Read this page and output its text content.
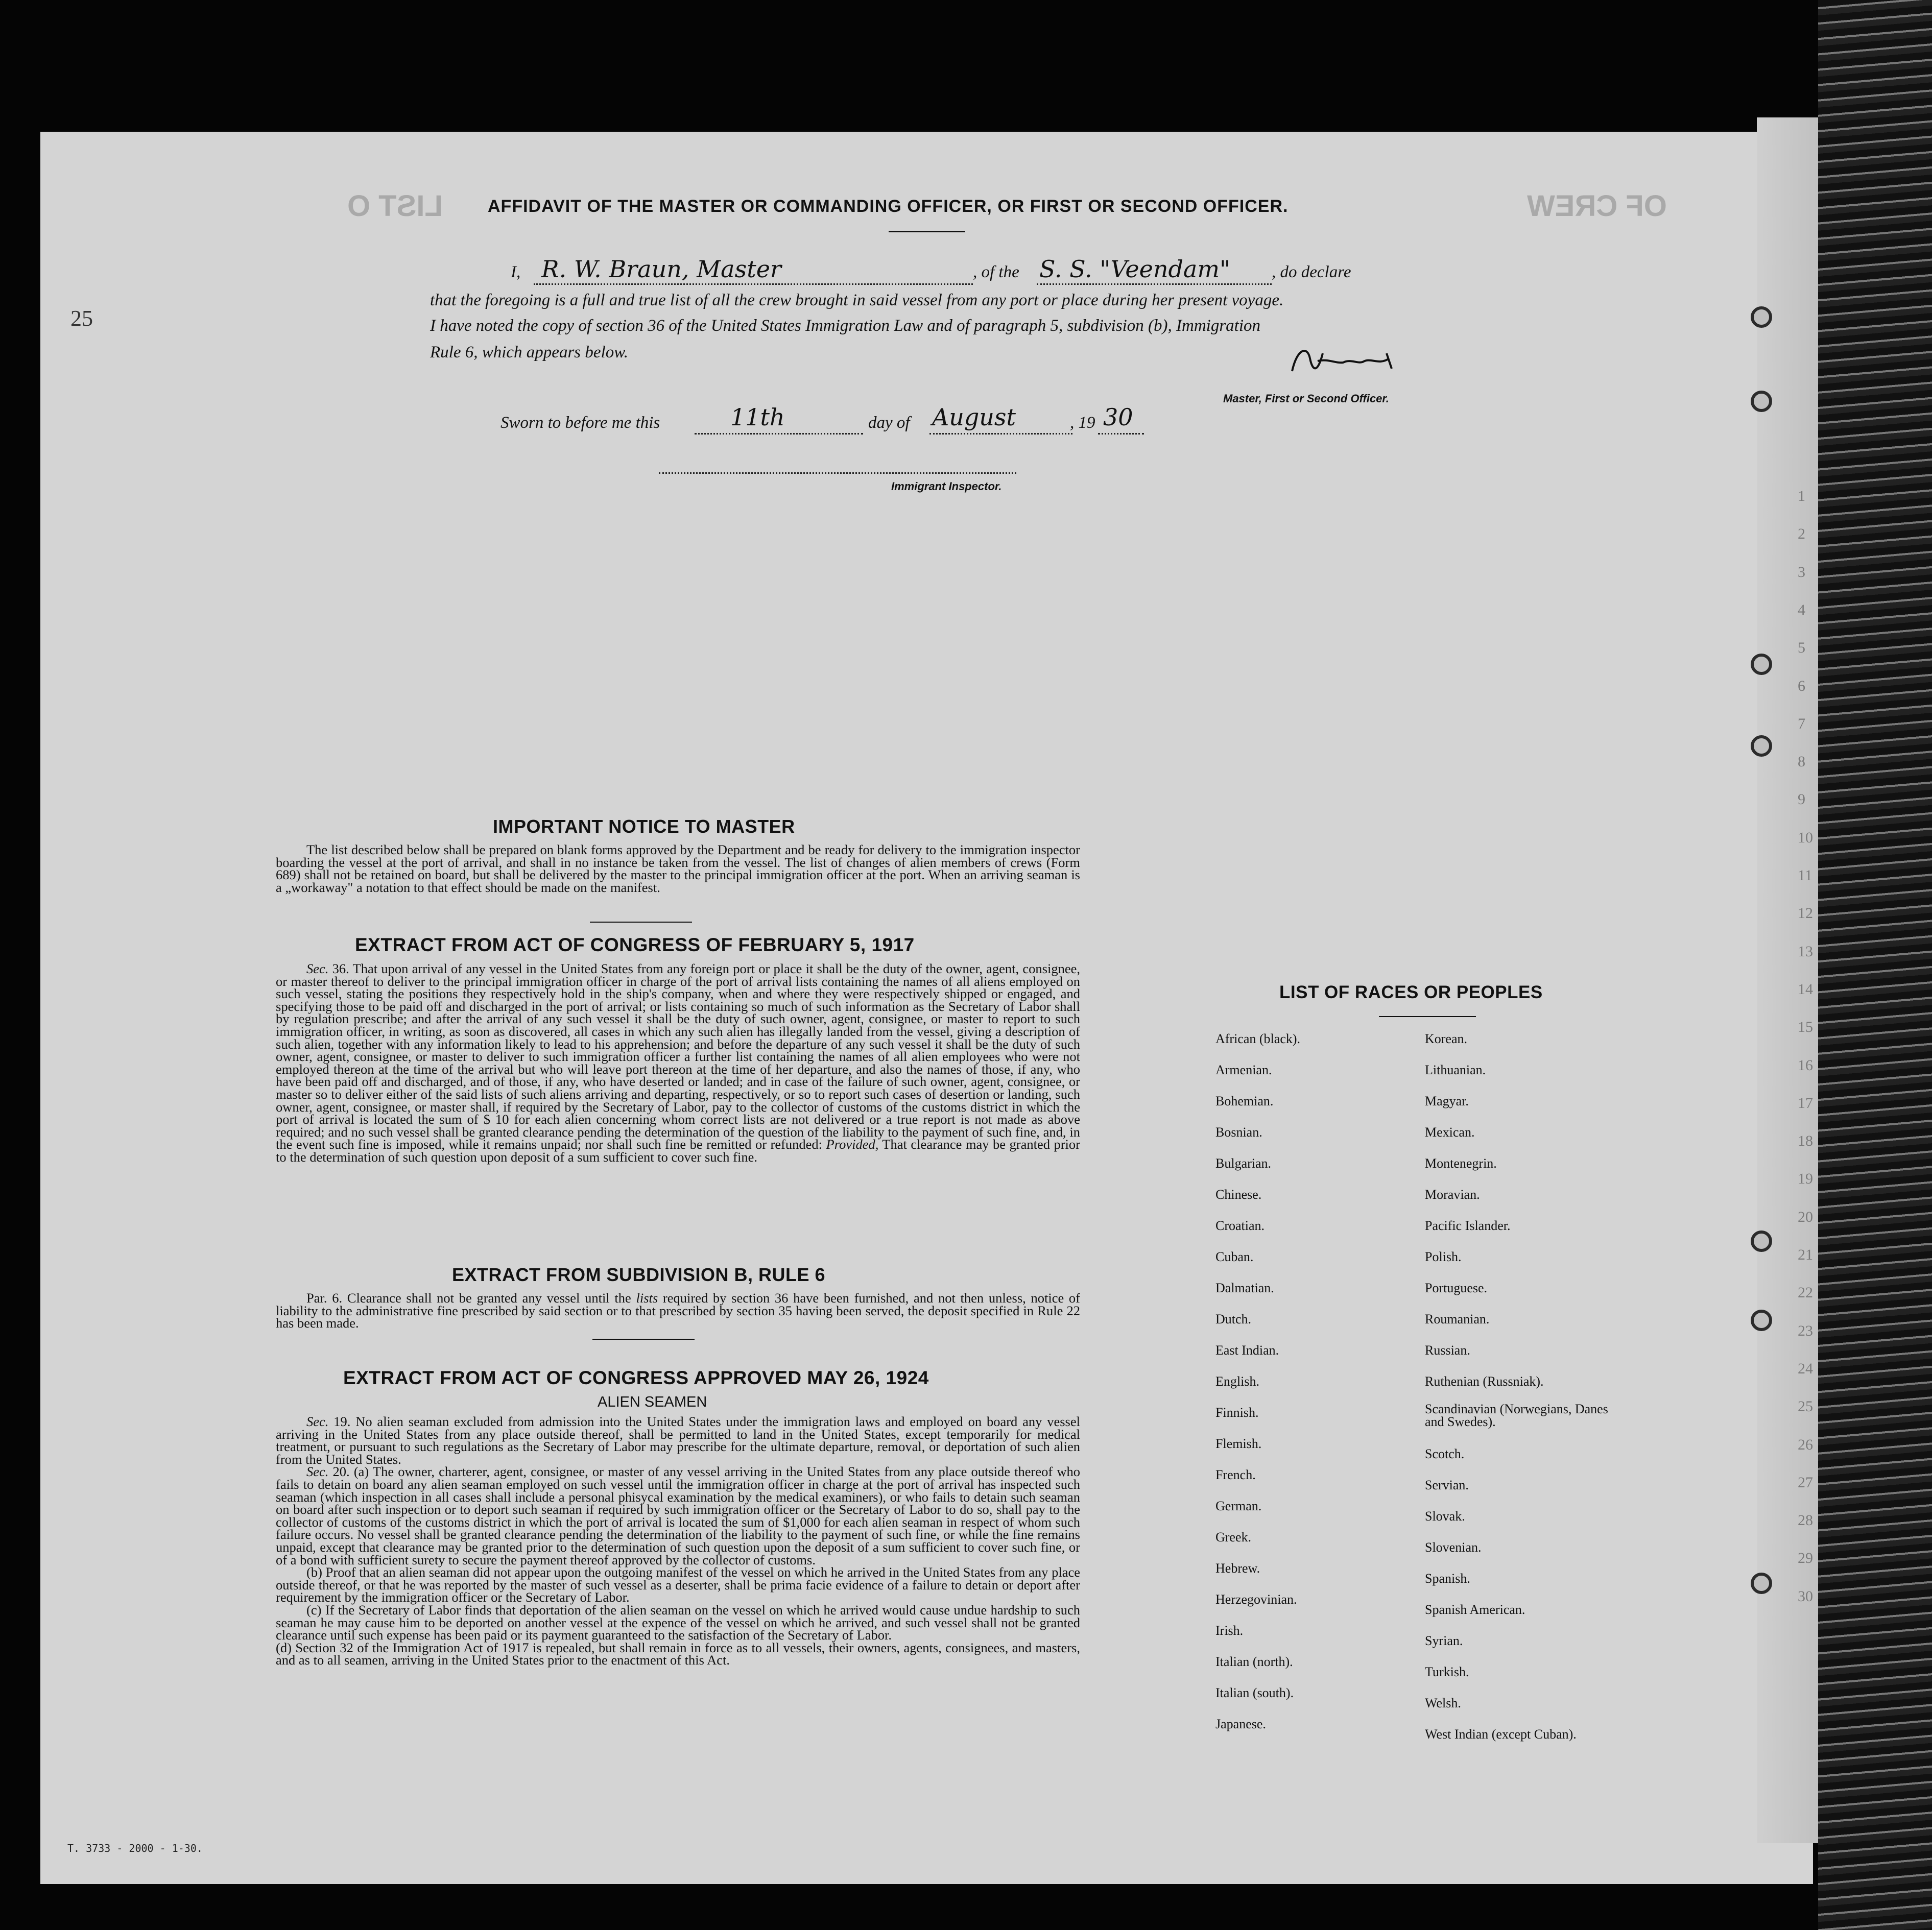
LIST O	OF CREW
25
1
2
3
4
5
6
7
8
9
10
11
12
13
14
15
16
17
18
19
20
21
22
23
24
25
26
27
28
29
30
AFFIDAVIT OF THE MASTER OR COMMANDING OFFICER, OR FIRST OR SECOND OFFICER.
I, R. W. Braun, Master	, of the S. S. "Veendam" , do declare
that the foregoing is a full and true list of all the crew brought in said vessel from any port or place during her present voyage.
I have noted the copy of section 36 of the United States Immigration Law and of paragraph 5, subdivision (b), Immigration
Rule 6, which appears below.
Master, First or Second Officer.
Sworn to before me this	11th	day of August	, 19 30
Immigrant Inspector.
IMPORTANT NOTICE TO MASTER

The list described below shall be prepared on blank forms approved by the Department and be ready for delivery to the immigration inspector boarding the vessel at the port of arrival, and shall in no instance be taken from the vessel. The list of changes of alien members of crews (Form 689) shall not be retained on board, but shall be delivered by the master to the principal immigration officer at the port. When an arriving seaman is a „workaway" a notation to that effect should be made on the manifest.

EXTRACT FROM ACT OF CONGRESS OF FEBRUARY 5, 1917

Sec. 36. That upon arrival of any vessel in the United States from any foreign port or place it shall be the duty of the owner, agent, consignee, or master thereof to deliver to the principal immigration officer in charge of the port of arrival lists containing the names of all aliens employed on such vessel, stating the positions they respectively hold in the ship's company, when and where they were respectively shipped or engaged, and specifying those to be paid off and discharged in the port of arrival; or lists containing so much of such information as the Secretary of Labor shall by regulation prescribe; and after the arrival of any such vessel it shall be the duty of such owner, agent, consignee, or master to report to such immigration officer, in writing, as soon as discovered, all cases in which any such alien has illegally landed from the vessel, giving a description of such alien, together with any information likely to lead to his apprehension; and before the departure of any such vessel it shall be the duty of such owner, agent, consignee, or master to deliver to such immigration officer a further list containing the names of all alien employees who were not employed thereon at the time of the arrival but who will leave port thereon at the time of her departure, and also the names of those, if any, who have been paid off and discharged, and of those, if any, who have deserted or landed; and in case of the failure of such owner, agent, consignee, or master so to deliver either of the said lists of such aliens arriving and departing, respectively, or so to report such cases of desertion or landing, such owner, agent, consignee, or master shall, if required by the Secretary of Labor, pay to the collector of customs of the customs district in which the port of arrival is located the sum of $ 10 for each alien concerning whom correct lists are not delivered or a true report is not made as above required; and no such vessel shall be granted clearance pending the determination of the question of the liability to the payment of such fine, and, in the event such fine is imposed, while it remains unpaid; nor shall such fine be remitted or refunded: Provided, That clearance may be granted prior to the determination of such question upon deposit of a sum sufficient to cover such fine.

EXTRACT FROM SUBDIVISION B, RULE 6

Par. 6. Clearance shall not be granted any vessel until the lists required by section 36 have been furnished, and not then unless, notice of liability to the administrative fine prescribed by said section or to that prescribed by section 35 having been served, the deposit specified in Rule 22 has been made.

EXTRACT FROM ACT OF CONGRESS APPROVED MAY 26, 1924
ALIEN SEAMEN

Sec. 19. No alien seaman excluded from admission into the United States under the immigration laws and employed on board any vessel arriving in the United States from any place outside thereof, shall be permitted to land in the United States, except temporarily for medical treatment, or pursuant to such regulations as the Secretary of Labor may prescribe for the ultimate departure, removal, or deportation of such alien from the United States.

Sec. 20. (a) The owner, charterer, agent, consignee, or master of any vessel arriving in the United States from any place outside thereof who fails to detain on board any alien seaman employed on such vessel until the immigration officer in charge at the port of arrival has inspected such seaman (which inspection in all cases shall include a personal phisycal examination by the medical examiners), or who fails to detain such seaman on board after such inspection or to deport such seaman if required by such immigration officer or the Secretary of Labor to do so, shall pay to the collector of customs of the customs district in which the port of arrival is located the sum of $1,000 for each alien seaman in respect of whom such failure occurs. No vessel shall be granted clearance pending the determination of the liability to the payment of such fine, or while the fine remains unpaid, except that clearance may be granted prior to the determination of such question upon the deposit of a sum sufficient to cover such fine, or of a bond with sufficient surety to secure the payment thereof approved by the collector of customs.

(b) Proof that an alien seaman did not appear upon the outgoing manifest of the vessel on which he arrived in the United States from any place outside thereof, or that he was reported by the master of such vessel as a deserter, shall be prima facie evidence of a failure to detain or deport after requirement by the immigration officer or the Secretary of Labor.

(c) If the Secretary of Labor finds that deportation of the alien seaman on the vessel on which he arrived would cause undue hardship to such seaman he may cause him to be deported on another vessel at the expence of the vessel on which he arrived, and such vessel shall not be granted clearance until such expense has been paid or its payment guaranteed to the satisfaction of the Secretary of Labor.

(d) Section 32 of the Immigration Act of 1917 is repealed, but shall remain in force as to all vessels, their owners, agents, consignees, and masters, and as to all seamen, arriving in the United States prior to the enactment of this Act.

LIST OF RACES OR PEOPLES
African (black).
Armenian.
Bohemian.
Bosnian.
Bulgarian.
Chinese.
Croatian.
Cuban.
Dalmatian.
Dutch.
East Indian.
English.
Finnish.
Flemish.
French.
German.
Greek.
Hebrew.
Herzegovinian.
Irish.
Italian (north).
Italian (south).
Japanese.
Korean.
Lithuanian.
Magyar.
Mexican.
Montenegrin.
Moravian.
Pacific Islander.
Polish.
Portuguese.
Roumanian.
Russian.
Ruthenian (Russniak).
Scandinavian (Norwegians, Danes and Swedes).
Scotch.
Servian.
Slovak.
Slovenian.
Spanish.
Spanish American.
Syrian.
Turkish.
Welsh.
West Indian (except Cuban).
T. 3733 - 2000 - 1-30.
